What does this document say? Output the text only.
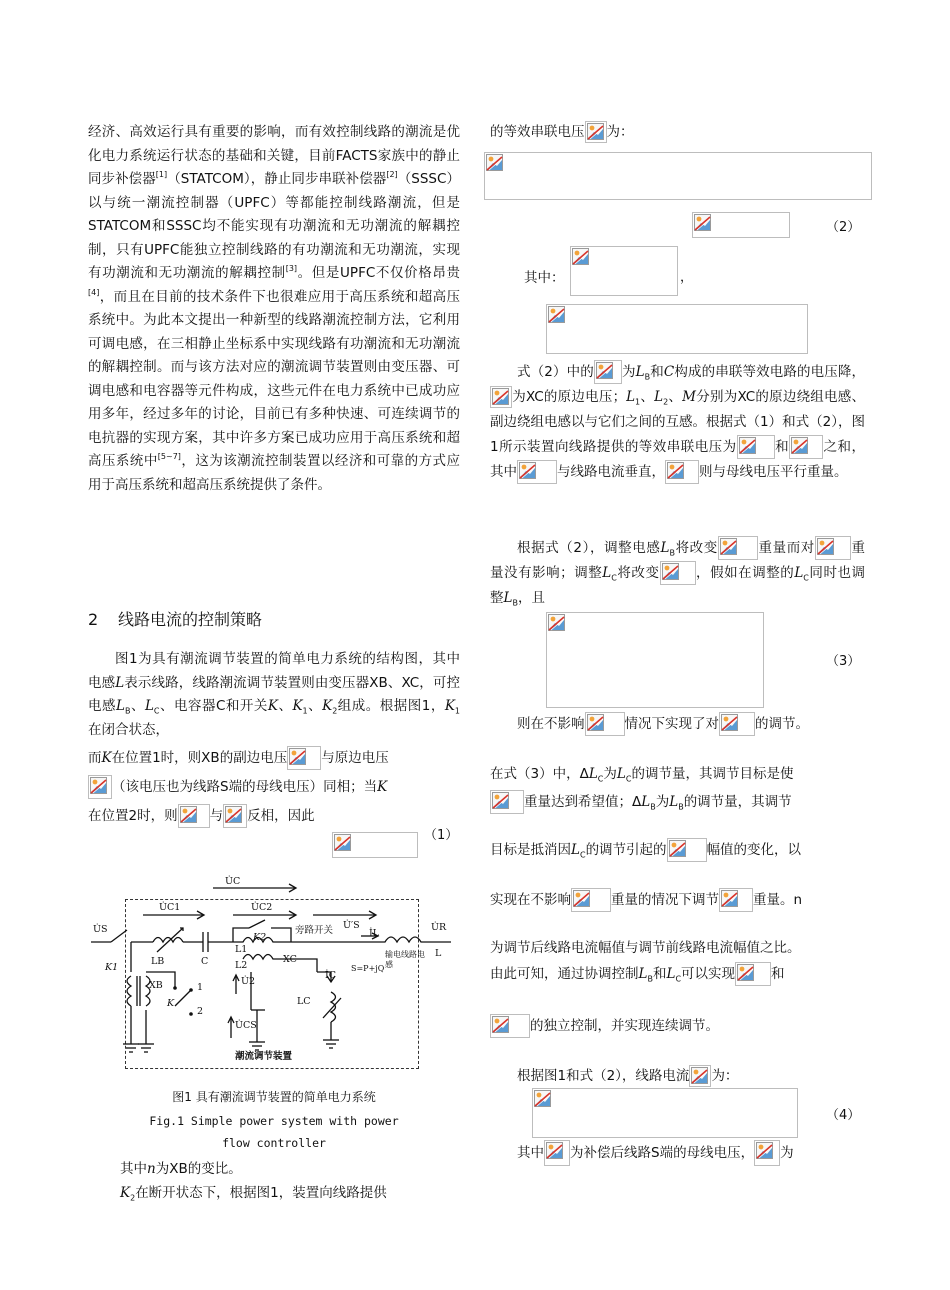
经济、高效运行具有重要的影响，而有效控制线路的潮流是优化电力系统运行状态的基础和关键，目前FACTS家族中的静止同步补偿器[1]（STATCOM），静止同步串联补偿器[2]（SSSC）以与统一潮流控制器（UPFC）等都能控制线路潮流，但是STATCOM和SSSC均不能实现有功潮流和无功潮流的解耦控制，只有UPFC能独立控制线路的有功潮流和无功潮流，实现有功潮流和无功潮流的解耦控制[3]。但是UPFC不仅价格昂贵[4]，而且在目前的技术条件下也很难应用于高压系统和超高压系统中。为此本文提出一种新型的线路潮流控制方法，它利用可调电感，在三相静止坐标系中实现线路有功潮流和无功潮流的解耦控制。而与该方法对应的潮流调节装置则由变压器、可调电感和电容器等元件构成，这些元件在电力系统中已成功应用多年，经过多年的讨论，目前已有多种快速、可连续调节的电抗器的实现方案，其中许多方案已成功应用于高压系统和超高压系统中[5~7]，这为该潮流控制装置以经济和可靠的方式应用于高压系统和超高压系统提供了条件。

2 线路电流的控制策略

图1为具有潮流调节装置的简单电力系统的结构图，其中电感L表示线路，线路潮流调节装置则由变压器XB、XC，可控电感$L_B$、$L_C$、电容器C和开关K、$K_1$、$K_2$组成。根据图1，$K_1$在闭合状态，

而K在位置1时，则XB的副边电压	与原边电压

（该电压也为线路S端的母线电压）同相；当K

在位置2时，则 与 反相，因此

（1）
U̇C
U̇S
U̇C1	U̇C2
U̇′S
İL
U̇R
K1
LB	C
K2
旁路开关
L1
L2
XC
S=P+jQ
输电线路电感
L
XB
K
1
2
U̇2
İC
LC
U̇CS
潮流调节装置
图1 具有潮流调节装置的简单电力系统
Fig.1 Simple power system with power flow controller

其中n为XB的变比。

$K_2$在断开状态下，根据图1，装置向线路提供

的等效串联电压 为：

（2）
其中：	，

式（2）中的 为$L_B$和C构成的串联等效电路的电压降，
为XC的原边电压；$L_1$、$L_2$、M分别为XC的原边绕组电感、副边绕组电感以与它们之间的互感。根据式（1）和式（2），图1所示装置向线路提供的等效串联电压为	和	之和，其中	与线路电流垂直，	则与母线电压平行重量。

根据式（2），调整电感$L_B$将改变	重量而对	重量没有影响；调整$L_C$将改变	，假如在调整的$L_C$同时也调整$L_B$，且

（3）

则在不影响	情况下实现了对	的调节。

在式（3）中，$\Delta L_C$为$L_C$的调节量，其调节目标是使

重量达到希望值；$\Delta L_B$为$L_B$的调节量，其调节

目标是抵消因$L_C$的调节引起的	幅值的变化，以

实现在不影响	重量的情况下调节	重量。n

为调节后线路电流幅值与调节前线路电流幅值之比。

由此可知，通过协调控制$L_B$和$L_C$可以实现	和

的独立控制，并实现连续调节。

根据图1和式（2），线路电流 为：

（4）

其中 为补偿后线路S端的母线电压， 为
